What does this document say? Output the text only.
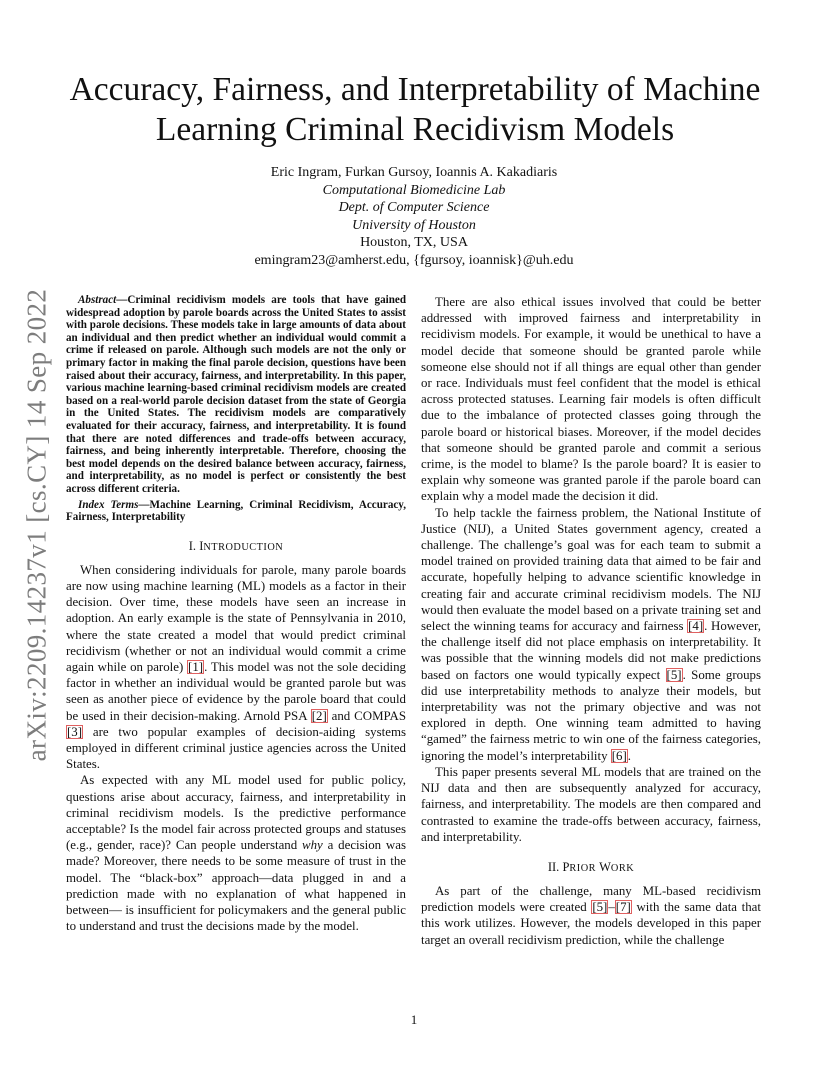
arXiv:2209.14237v1 [cs.CY] 14 Sep 2022
Accuracy, Fairness, and Interpretability of Machine
Learning Criminal Recidivism Models
Eric Ingram, Furkan Gursoy, Ioannis A. Kakadiaris
Computational Biomedicine Lab
Dept. of Computer Science
University of Houston
Houston, TX, USA
emingram23@amherst.edu, {fgursoy, ioannisk}@uh.edu

Abstract—Criminal recidivism models are tools that have gained widespread adoption by parole boards across the United States to assist with parole decisions. These models take in large amounts of data about an individual and then predict whether an individual would commit a crime if released on parole. Although such models are not the only or primary factor in making the final parole decision, questions have been raised about their accuracy, fairness, and interpretability. In this paper, various machine learning-based criminal recidivism models are created based on a real-world parole decision dataset from the state of Georgia in the United States. The recidivism models are comparatively evaluated for their accuracy, fairness, and interpretability. It is found that there are noted differences and trade-offs between accuracy, fairness, and being inherently interpretable. Therefore, choosing the best model depends on the desired balance between accuracy, fairness, and interpretability, as no model is perfect or consistently the best across different criteria.

Index Terms—Machine Learning, Criminal Recidivism, Accuracy, Fairness, Interpretability

I. INTRODUCTION

When considering individuals for parole, many parole boards are now using machine learning (ML) models as a factor in their decision. Over time, these models have seen an increase in adoption. An early example is the state of Pennsylvania in 2010, where the state created a model that would predict criminal recidivism (whether or not an individual would commit a crime again while on parole) [1]. This model was not the sole deciding factor in whether an individual would be granted parole but was seen as another piece of evidence by the parole board that could be used in their decision-making. Arnold PSA [2] and COMPAS [3] are two popular examples of decision-aiding systems employed in different criminal justice agencies across the United States.

As expected with any ML model used for public policy, questions arise about accuracy, fairness, and interpretability in criminal recidivism models. Is the predictive performance acceptable? Is the model fair across protected groups and statuses (e.g., gender, race)? Can people understand why a decision was made? Moreover, there needs to be some measure of trust in the model. The “black-box” approach—data plugged in and a prediction made with no explanation of what happened in between— is insufficient for policymakers and the general public to understand and trust the decisions made by the model.

There are also ethical issues involved that could be better addressed with improved fairness and interpretability in recidivism models. For example, it would be unethical to have a model decide that someone should be granted parole while someone else should not if all things are equal other than gender or race. Individuals must feel confident that the model is ethical across protected statuses. Learning fair models is often difficult due to the imbalance of protected classes going through the parole board or historical biases. Moreover, if the model decides that someone should be granted parole and commit a serious crime, is the model to blame? Is the parole board? It is easier to explain why someone was granted parole if the parole board can explain why a model made the decision it did.

To help tackle the fairness problem, the National Institute of Justice (NIJ), a United States government agency, created a challenge. The challenge’s goal was for each team to submit a model trained on provided training data that aimed to be fair and accurate, hopefully helping to advance scientific knowledge in creating fair and accurate criminal recidivism models. The NIJ would then evaluate the model based on a private training set and select the winning teams for accuracy and fairness [4]. However, the challenge itself did not place emphasis on interpretability. It was possible that the winning models did not make predictions based on factors one would typically expect [5]. Some groups did use interpretability methods to analyze their models, but interpretability was not the primary objective and was not explored in depth. One winning team admitted to having “gamed” the fairness metric to win one of the fairness categories, ignoring the model’s interpretability [6].

This paper presents several ML models that are trained on the NIJ data and then are subsequently analyzed for accuracy, fairness, and interpretability. The models are then compared and contrasted to examine the trade-offs between accuracy, fairness, and interpretability.

II. PRIOR WORK

As part of the challenge, many ML-based recidivism prediction models were created [5]–[7] with the same data that this work utilizes. However, the models developed in this paper target an overall recidivism prediction, while the challenge

1
